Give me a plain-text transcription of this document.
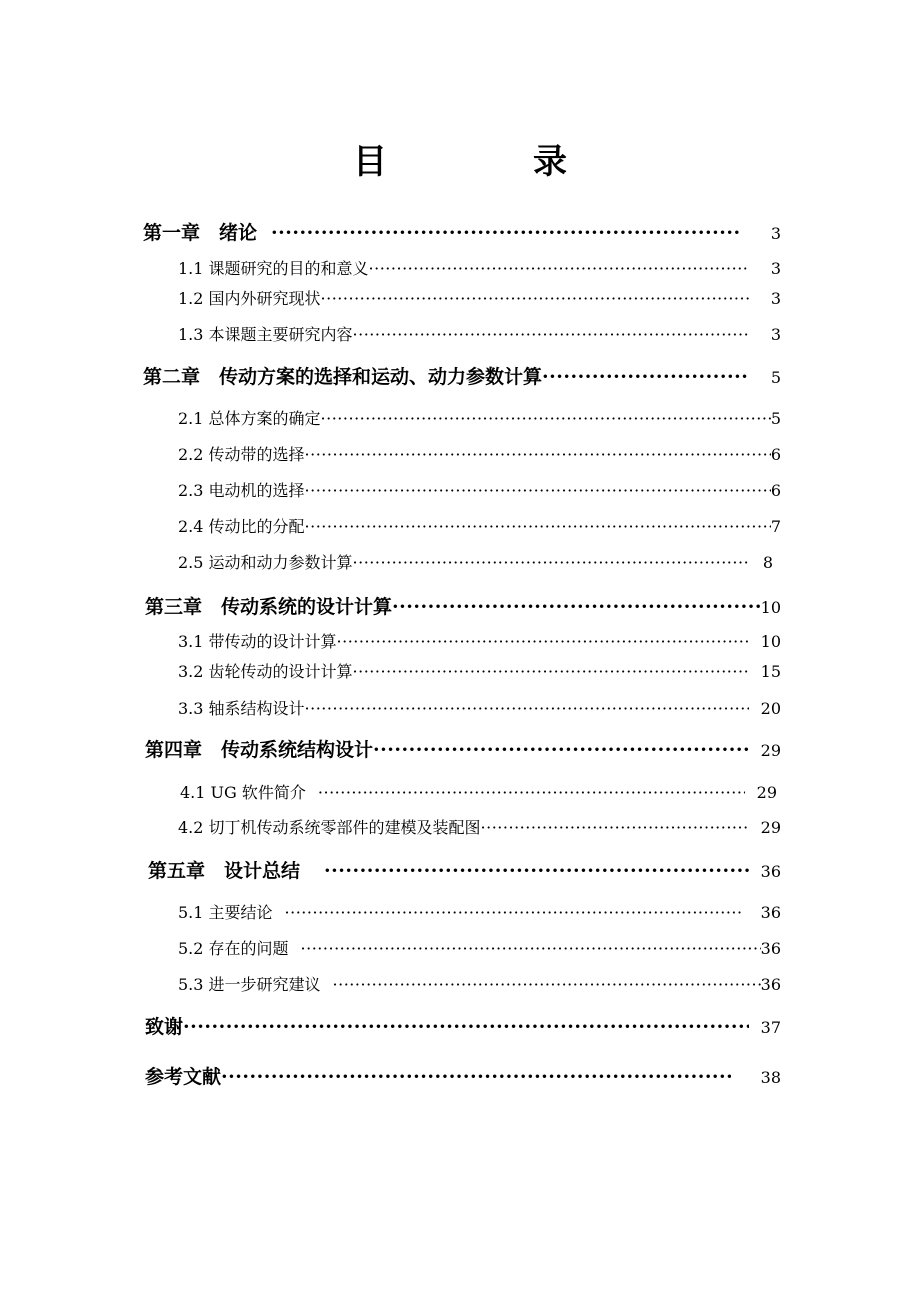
目　录
第一章　绪论 ·····	3
1.1 课题研究的目的和意义 ·····	3
1.2 国内外研究现状 ·····	3
1.3 本课题主要研究内容 ·····	3
第二章　传动方案的选择和运动、动力参数计算 ·····	5
2.1 总体方案的确定 ·····	5
2.2 传动带的选择 ·····	6
2.3 电动机的选择 ·····	6
2.4 传动比的分配 ·····	7
2.5 运动和动力参数计算 ·····	8
第三章　传动系统的设计计算 ·····	10
3.1 带传动的设计计算 ·····	10
3.2 齿轮传动的设计计算 ·····	15
3.3 轴系结构设计 ·····	20
第四章　传动系统结构设计 ·····	29
4.1 UG 软件简介 ·····	29
4.2 切丁机传动系统零部件的建模及装配图 ·····	29
第五章　设计总结 ·····	36
5.1 主要结论 ·····	36
5.2 存在的问题 ·····	36
5.3 进一步研究建议 ·····	36
致谢 ·····	37
参考文献 ·····	38
